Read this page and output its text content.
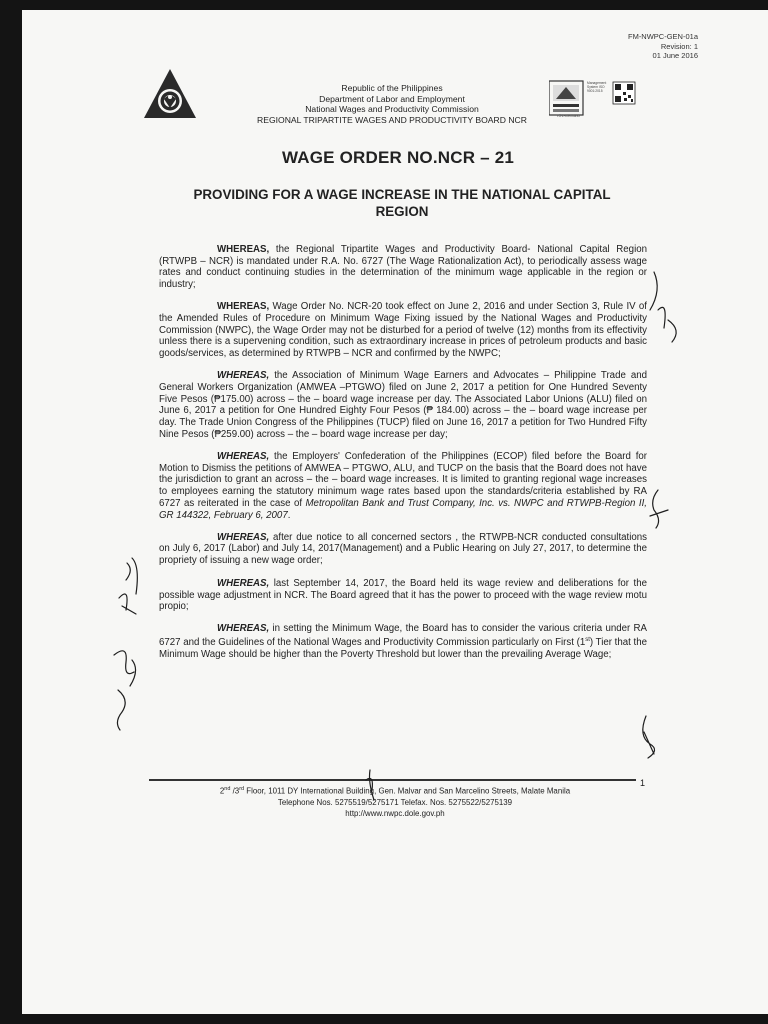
FM-NWPC-GEN-01a
Revision: 1
01 June 2016
Republic of the Philippines
Department of Labor and Employment
National Wages and Productivity Commission
REGIONAL TRIPARTITE WAGES AND PRODUCTIVITY BOARD NCR
Management System ISO 9001:2015
TÜVRheinland
WAGE ORDER NO.NCR – 21
PROVIDING FOR A WAGE INCREASE IN THE NATIONAL CAPITAL REGION

WHEREAS, the Regional Tripartite Wages and Productivity Board- National Capital Region (RTWPB – NCR) is mandated under R.A. No. 6727 (The Wage Rationalization Act), to periodically assess wage rates and conduct continuing studies in the determination of the minimum wage applicable in the region or industry;

WHEREAS, Wage Order No. NCR-20 took effect on June 2, 2016 and under Section 3, Rule IV of the Amended Rules of Procedure on Minimum Wage Fixing issued by the National Wages and Productivity Commission (NWPC), the Wage Order may not be disturbed for a period of twelve (12) months from its effectivity unless there is a supervening condition, such as extraordinary increase in prices of petroleum products and basic goods/services, as determined by RTWPB – NCR and confirmed by the NWPC;

WHEREAS, the Association of Minimum Wage Earners and Advocates – Philippine Trade and General Workers Organization (AMWEA –PTGWO) filed on June 2, 2017 a petition for One Hundred Seventy Five Pesos (₱175.00) across – the – board wage increase per day. The Associated Labor Unions (ALU) filed on June 6, 2017 a petition for One Hundred Eighty Four Pesos (₱ 184.00) across – the – board wage increase per day. The Trade Union Congress of the Philippines (TUCP) filed on June 16, 2017 a petition for Two Hundred Fifty Nine Pesos (₱259.00) across – the – board wage increase per day;

WHEREAS, the Employers' Confederation of the Philippines (ECOP) filed before the Board for Motion to Dismiss the petitions of AMWEA – PTGWO, ALU, and TUCP on the basis that the Board does not have the jurisdiction to grant an across – the – board wage increases. It is limited to granting regional wage increases to employees earning the statutory minimum wage rates based upon the standards/criteria established by RA 6727 as reiterated in the case of Metropolitan Bank and Trust Company, Inc. vs. NWPC and RTWPB-Region II, GR 144322, February 6, 2007.

WHEREAS, after due notice to all concerned sectors , the RTWPB-NCR conducted consultations on July 6, 2017 (Labor) and July 14, 2017(Management) and a Public Hearing on July 27, 2017, to determine the propriety of issuing a new wage order;

WHEREAS, last September 14, 2017, the Board held its wage review and deliberations for the possible wage adjustment in NCR. The Board agreed that it has the power to proceed with the wage review motu propio;

WHEREAS, in setting the Minimum Wage, the Board has to consider the various criteria under RA 6727 and the Guidelines of the National Wages and Productivity Commission particularly on First (1st) Tier that the Minimum Wage should be higher than the Poverty Threshold but lower than the prevailing Average Wage;

1
2nd /3rd Floor, 1011 DY International Building, Gen. Malvar and San Marcelino Streets, Malate Manila
Telephone Nos. 5275519/5275171 Telefax. Nos. 5275522/5275139
http://www.nwpc.dole.gov.ph
